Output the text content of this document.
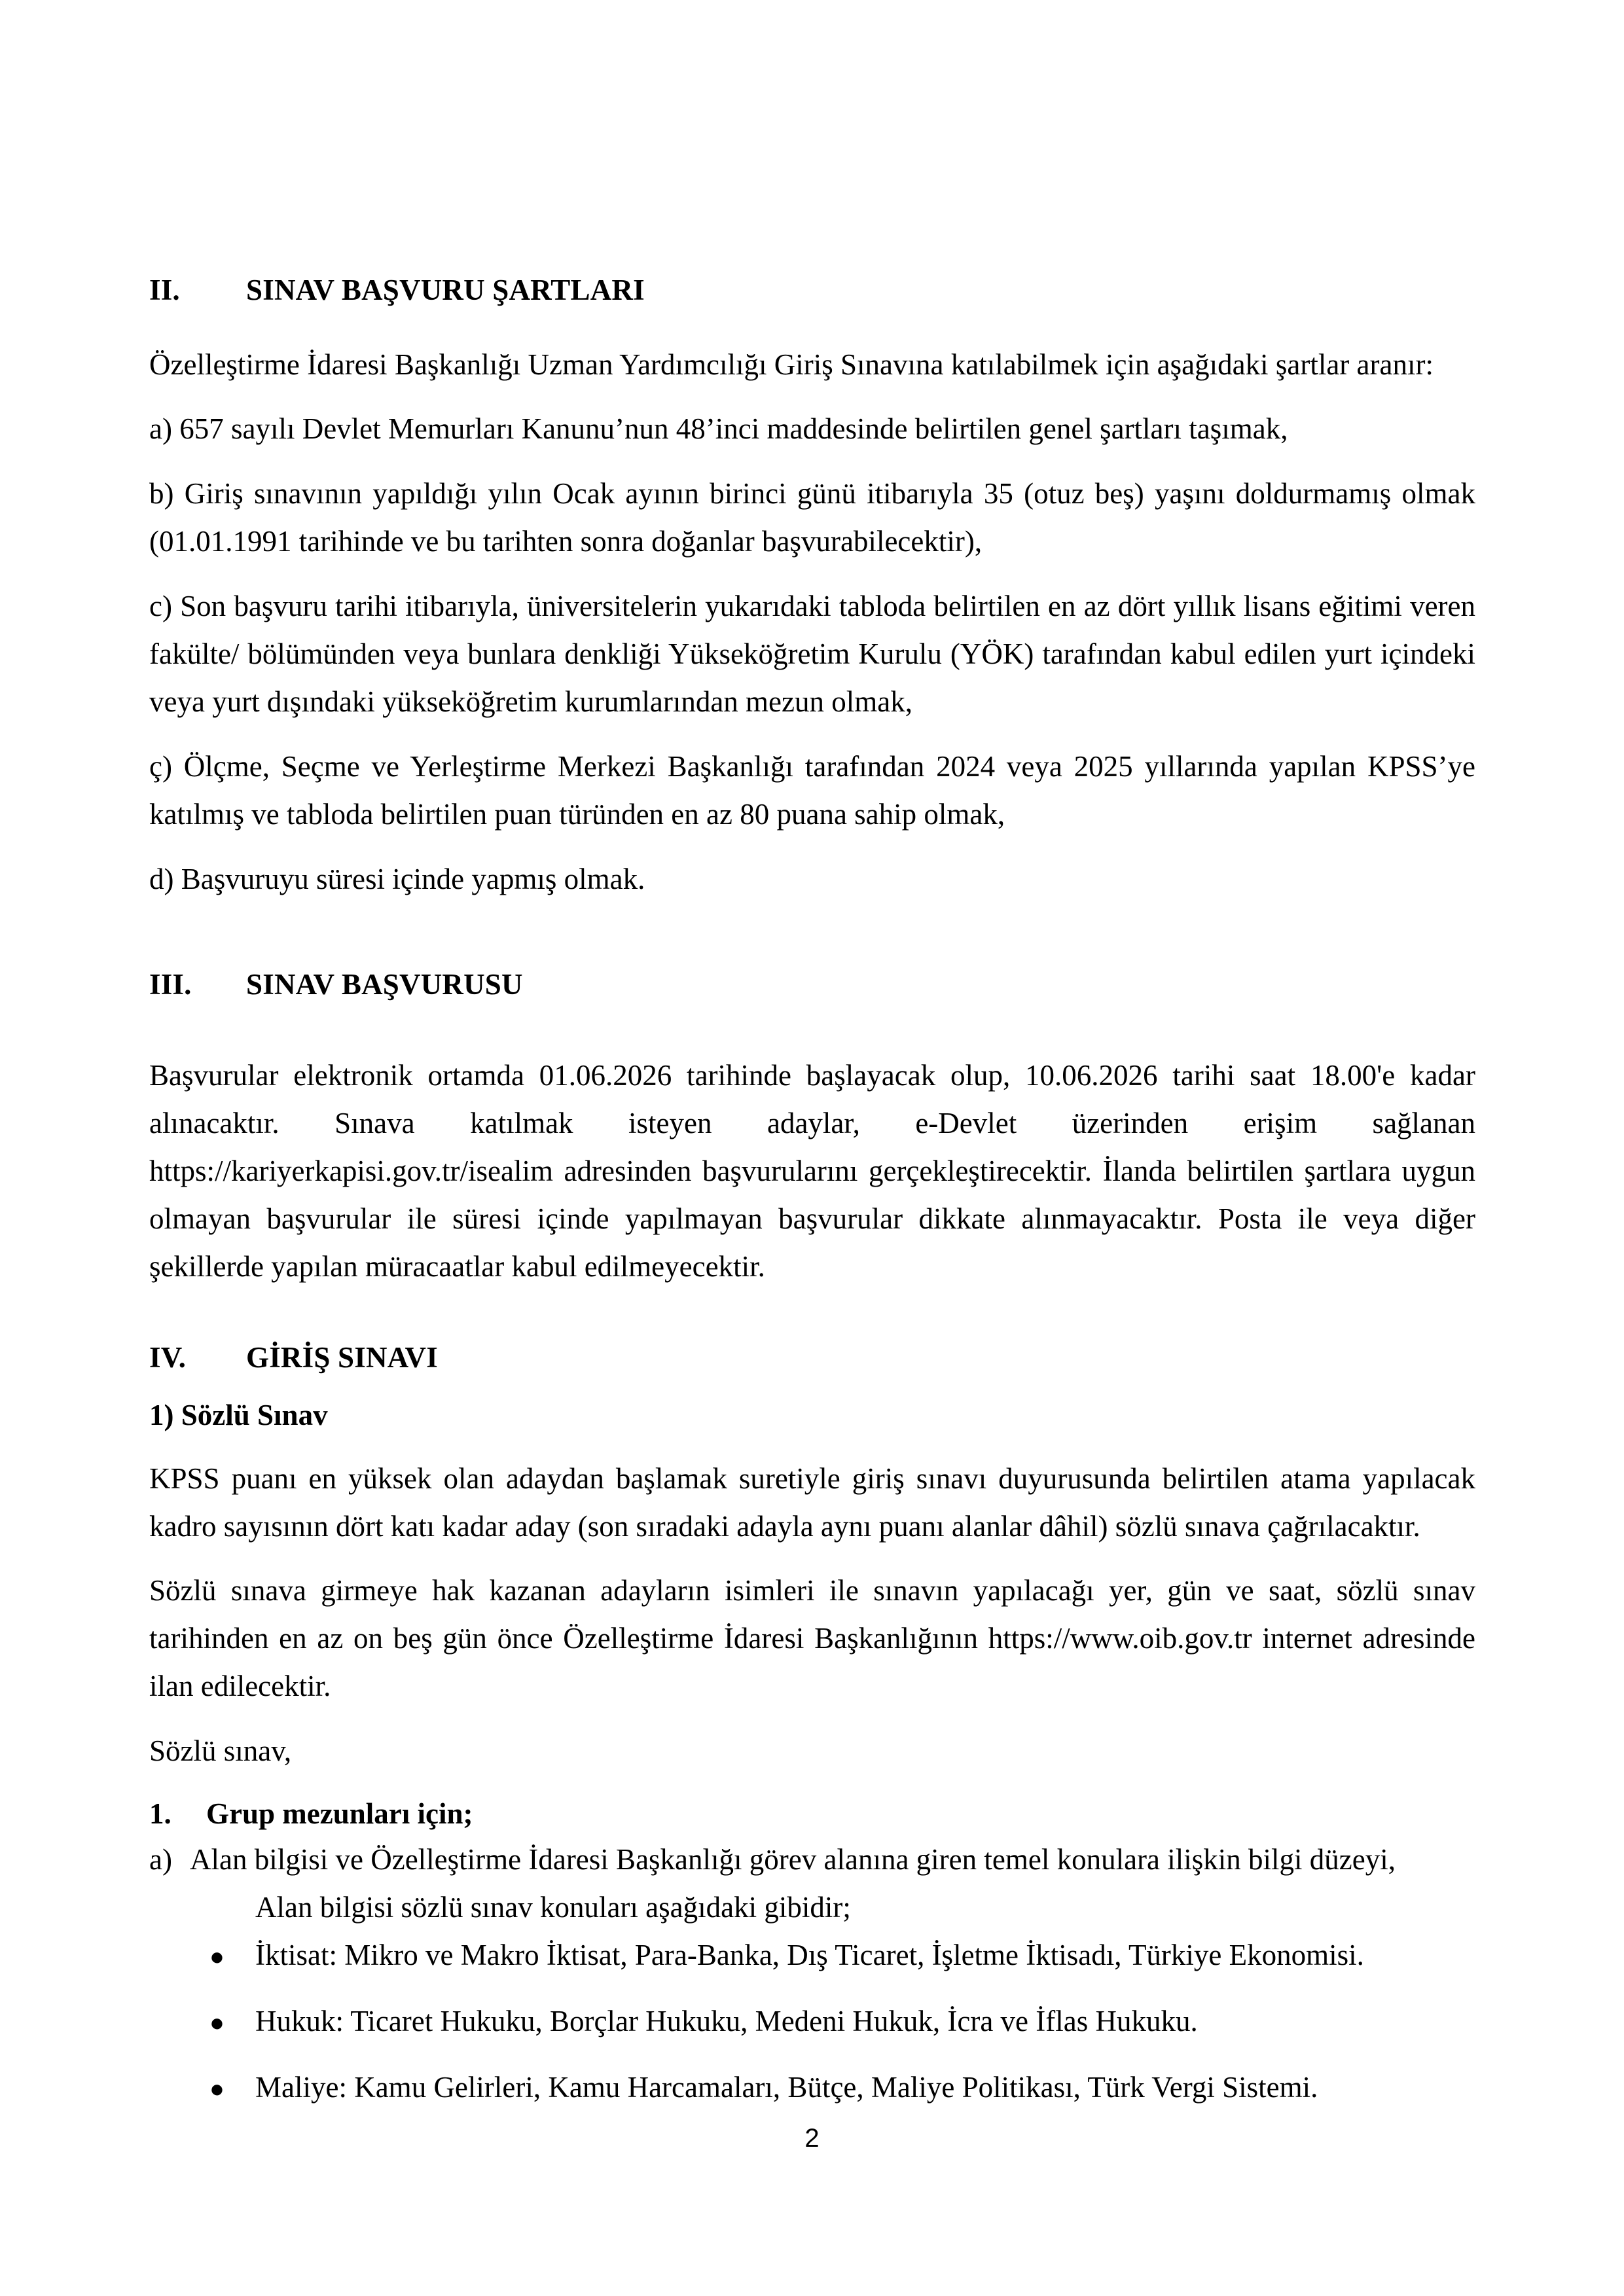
II.	SINAV BAŞVURU ŞARTLARI

Özelleştirme İdaresi Başkanlığı Uzman Yardımcılığı Giriş Sınavına katılabilmek için aşağıdaki şartlar aranır:

a) 657 sayılı Devlet Memurları Kanunu’nun 48’inci maddesinde belirtilen genel şartları taşımak,

b) Giriş sınavının yapıldığı yılın Ocak ayının birinci günü itibarıyla 35 (otuz beş) yaşını doldurmamış olmak (01.01.1991 tarihinde ve bu tarihten sonra doğanlar başvurabilecektir),

c) Son başvuru tarihi itibarıyla, üniversitelerin yukarıdaki tabloda belirtilen en az dört yıllık lisans eğitimi veren fakülte/ bölümünden veya bunlara denkliği Yükseköğretim Kurulu (YÖK) tarafından kabul edilen yurt içindeki veya yurt dışındaki yükseköğretim kurumlarından mezun olmak,

ç) Ölçme, Seçme ve Yerleştirme Merkezi Başkanlığı tarafından 2024 veya 2025 yıllarında yapılan KPSS’ye katılmış ve tabloda belirtilen puan türünden en az 80 puana sahip olmak,

d) Başvuruyu süresi içinde yapmış olmak.

III.	SINAV BAŞVURUSU

Başvurular elektronik ortamda 01.06.2026 tarihinde başlayacak olup, 10.06.2026 tarihi saat 18.00'e kadar alınacaktır. Sınava katılmak isteyen adaylar, e-Devlet üzerinden erişim sağlanan https://kariyerkapisi.gov.tr/isealim adresinden başvurularını gerçekleştirecektir. İlanda belirtilen şartlara uygun olmayan başvurular ile süresi içinde yapılmayan başvurular dikkate alınmayacaktır. Posta ile veya diğer şekillerde yapılan müracaatlar kabul edilmeyecektir.

IV.	GİRİŞ SINAVI

1) Sözlü Sınav

KPSS puanı en yüksek olan adaydan başlamak suretiyle giriş sınavı duyurusunda belirtilen atama yapılacak kadro sayısının dört katı kadar aday (son sıradaki adayla aynı puanı alanlar dâhil) sözlü sınava çağrılacaktır.

Sözlü sınava girmeye hak kazanan adayların isimleri ile sınavın yapılacağı yer, gün ve saat, sözlü sınav tarihinden en az on beş gün önce Özelleştirme İdaresi Başkanlığının https://www.oib.gov.tr internet adresinde ilan edilecektir.

Sözlü sınav,

1.	Grup mezunları için;

a) Alan bilgisi ve Özelleştirme İdaresi Başkanlığı görev alanına giren temel konulara ilişkin bilgi düzeyi,

Alan bilgisi sözlü sınav konuları aşağıdaki gibidir;

●	İktisat: Mikro ve Makro İktisat, Para-Banka, Dış Ticaret, İşletme İktisadı, Türkiye Ekonomisi.
●	Hukuk: Ticaret Hukuku, Borçlar Hukuku, Medeni Hukuk, İcra ve İflas Hukuku.
●	Maliye: Kamu Gelirleri, Kamu Harcamaları, Bütçe, Maliye Politikası, Türk Vergi Sistemi.
2
